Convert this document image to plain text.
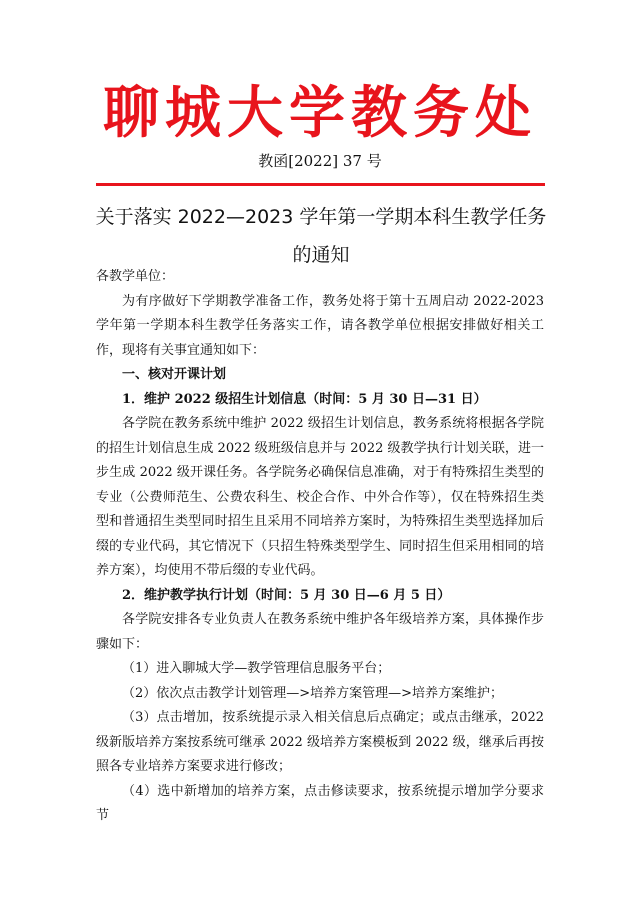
聊城大学教务处
教函[2022] 37 号
关于落实 2022—2023 学年第一学期本科生教学任务
的通知

各教学单位：

为有序做好下学期教学准备工作，教务处将于第十五周启动 2022-2023 学年第一学期本科生教学任务落实工作，请各教学单位根据安排做好相关工作，现将有关事宜通知如下：

一、核对开课计划

1．维护 2022 级招生计划信息（时间：5 月 30 日—31 日）

各学院在教务系统中维护 2022 级招生计划信息，教务系统将根据各学院的招生计划信息生成 2022 级班级信息并与 2022 级教学执行计划关联，进一步生成 2022 级开课任务。各学院务必确保信息准确，对于有特殊招生类型的专业（公费师范生、公费农科生、校企合作、中外合作等），仅在特殊招生类型和普通招生类型同时招生且采用不同培养方案时，为特殊招生类型选择加后缀的专业代码，其它情况下（只招生特殊类型学生、同时招生但采用相同的培养方案），均使用不带后缀的专业代码。

2．维护教学执行计划（时间：5 月 30 日—6 月 5 日）

各学院安排各专业负责人在教务系统中维护各年级培养方案，具体操作步骤如下：

（1）进入聊城大学—教学管理信息服务平台；

（2）依次点击教学计划管理—>培养方案管理—>培养方案维护；

（3）点击增加，按系统提示录入相关信息后点确定；或点击继承，2022 级新版培养方案按系统可继承 2022 级培养方案模板到 2022 级，继承后再按照各专业培养方案要求进行修改；

（4）选中新增加的培养方案，点击修读要求，按系统提示增加学分要求节
